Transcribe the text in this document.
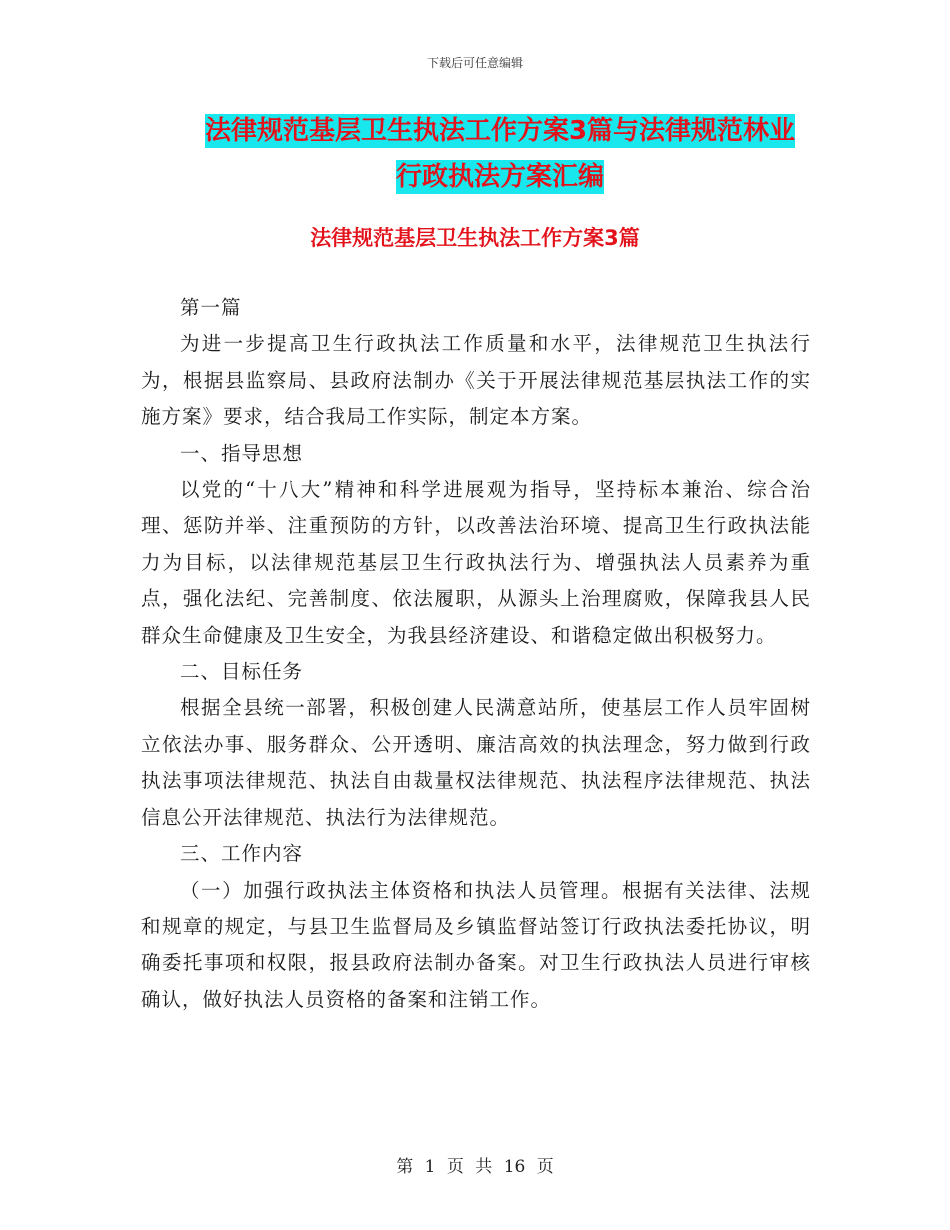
下载后可任意编辑
法律规范基层卫生执法工作方案3篇与法律规范林业
行政执法方案汇编
法律规范基层卫生执法工作方案3篇

第一篇

为进一步提高卫生行政执法工作质量和水平，法律规范卫生执法行为，根据县监察局、县政府法制办《关于开展法律规范基层执法工作的实施方案》要求，结合我局工作实际，制定本方案。

一、指导思想

以党的“十八大”精神和科学进展观为指导，坚持标本兼治、综合治理、惩防并举、注重预防的方针，以改善法治环境、提高卫生行政执法能力为目标，以法律规范基层卫生行政执法行为、增强执法人员素养为重点，强化法纪、完善制度、依法履职，从源头上治理腐败，保障我县人民群众生命健康及卫生安全，为我县经济建设、和谐稳定做出积极努力。

二、目标任务

根据全县统一部署，积极创建人民满意站所，使基层工作人员牢固树立依法办事、服务群众、公开透明、廉洁高效的执法理念，努力做到行政执法事项法律规范、执法自由裁量权法律规范、执法程序法律规范、执法信息公开法律规范、执法行为法律规范。

三、工作内容

（一）加强行政执法主体资格和执法人员管理。根据有关法律、法规和规章的规定，与县卫生监督局及乡镇监督站签订行政执法委托协议，明确委托事项和权限，报县政府法制办备案。对卫生行政执法人员进行审核确认，做好执法人员资格的备案和注销工作。

第 1 页 共 16 页
